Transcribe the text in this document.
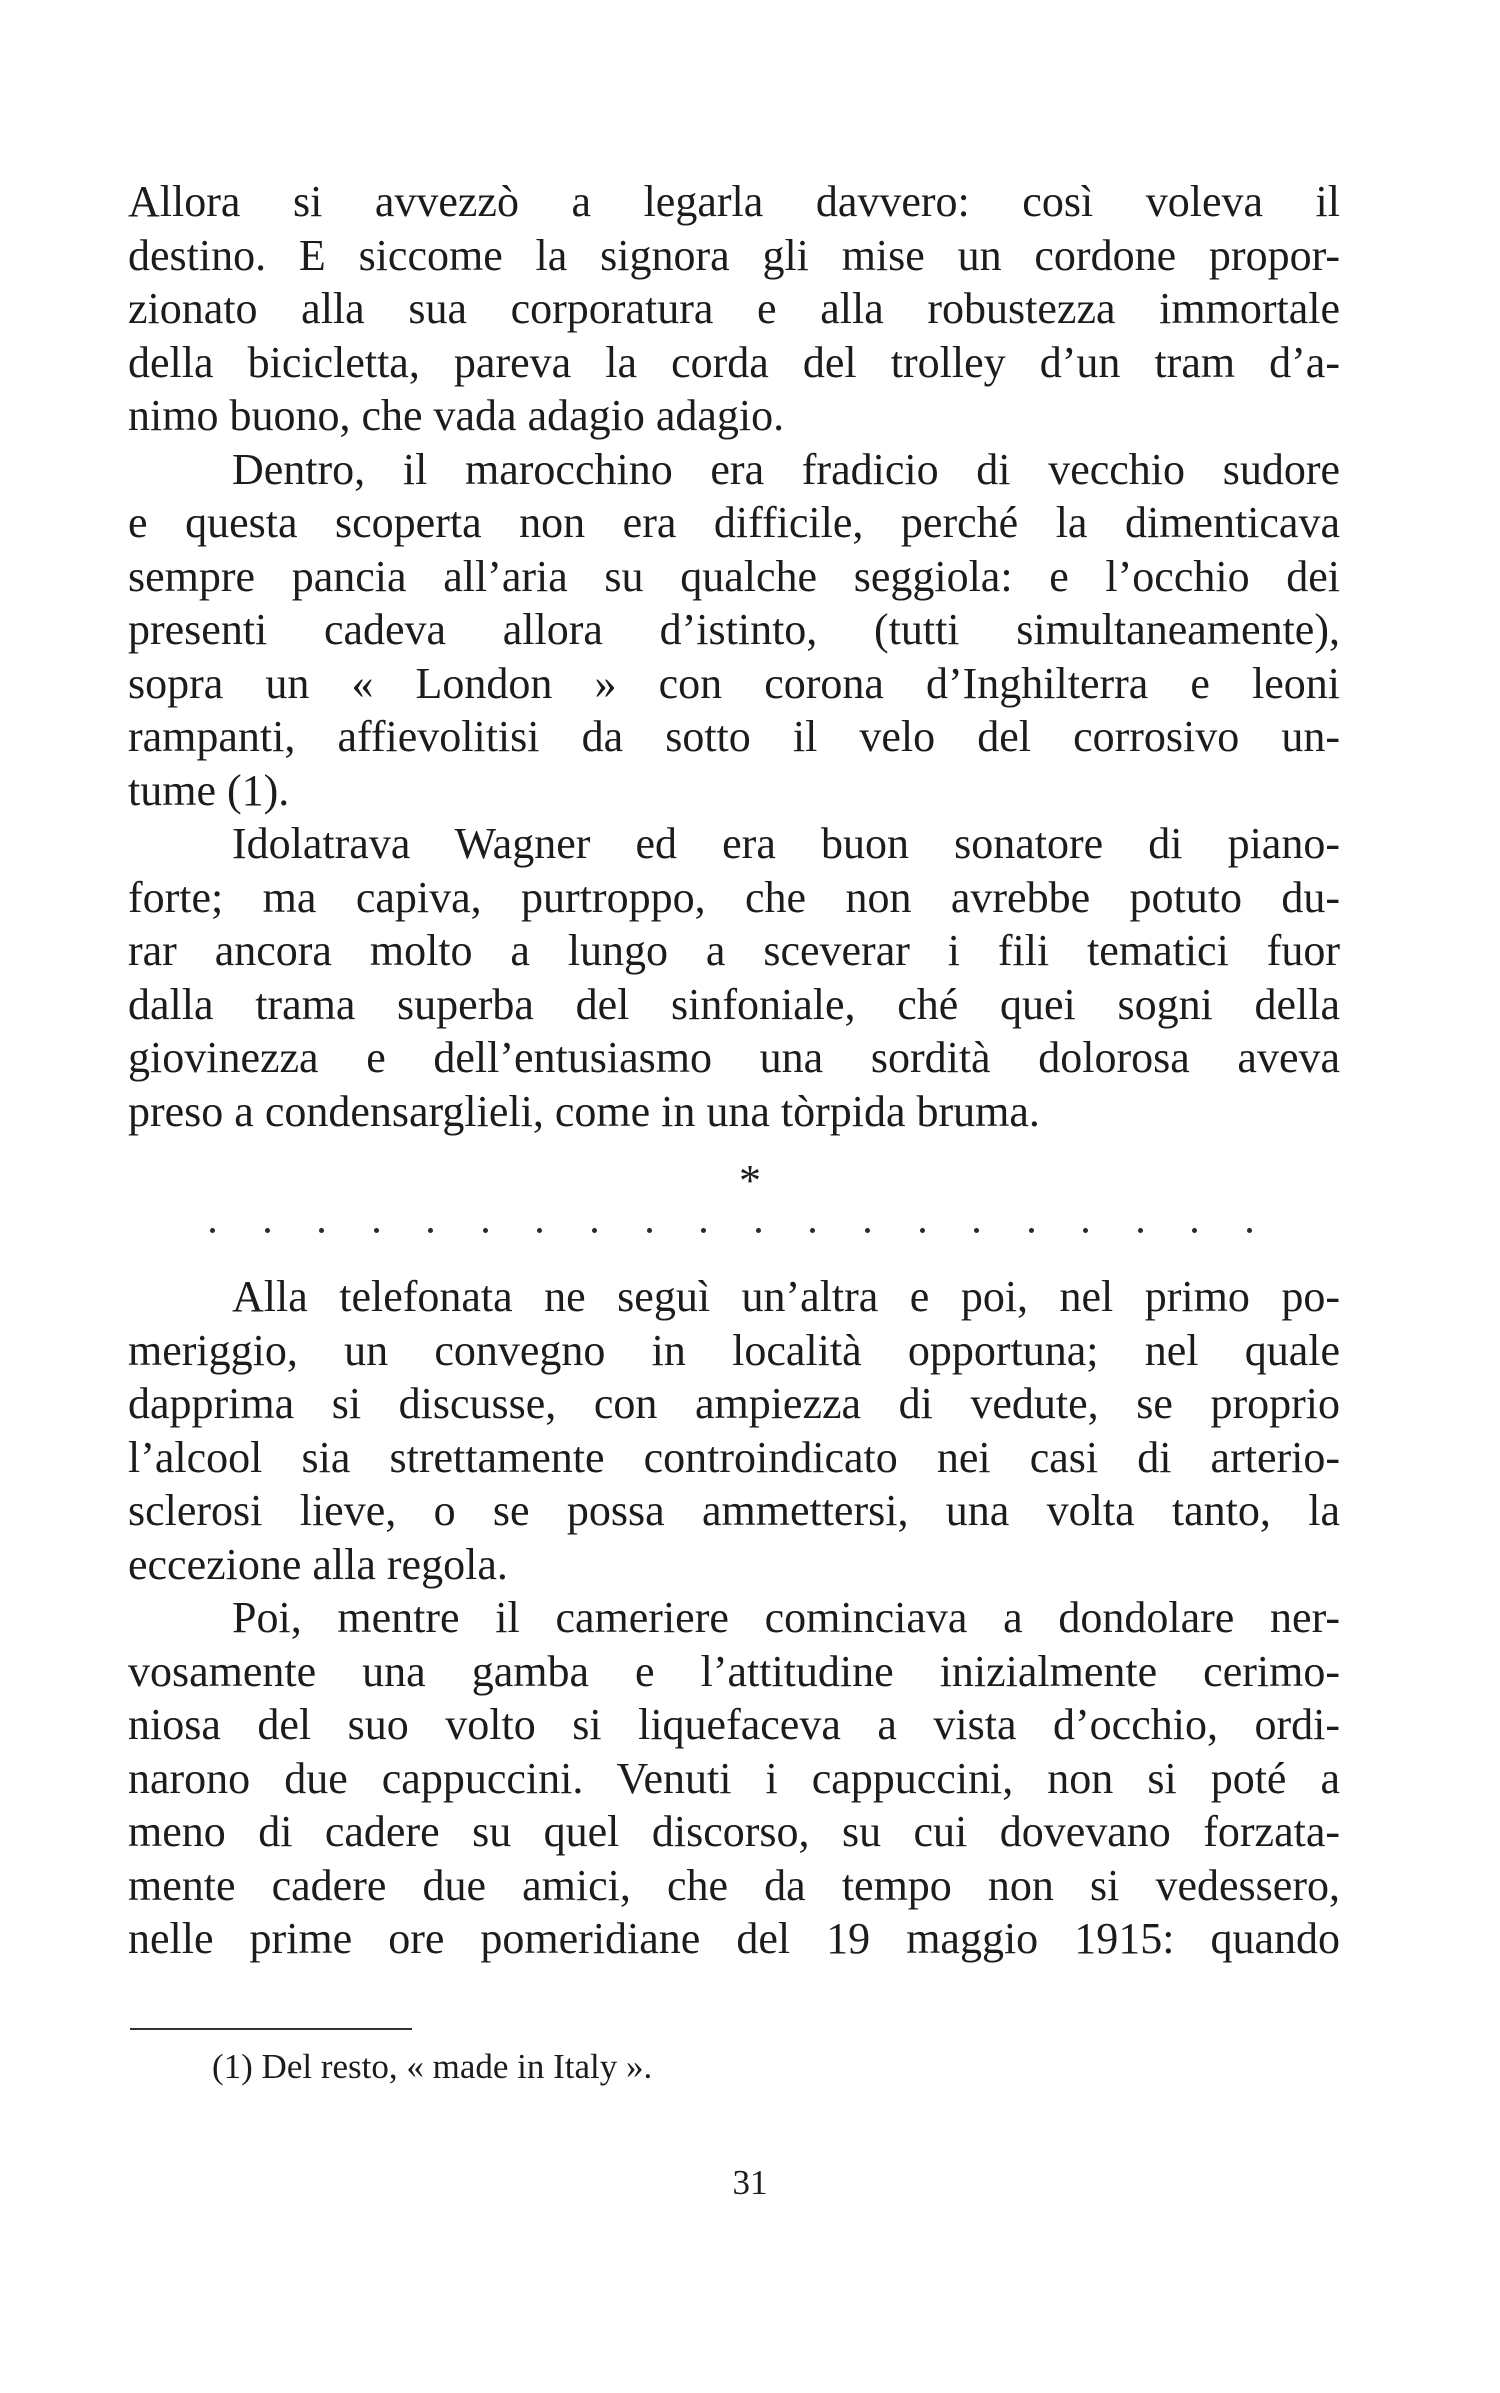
Allora si avvezzò a legarla davvero: così voleva il
destino. E siccome la signora gli mise un cordone propor-
zionato alla sua corporatura e alla robustezza immortale
della bicicletta, pareva la corda del trolley d’un tram d’a-
nimo buono, che vada adagio adagio.
Dentro, il marocchino era fradicio di vecchio sudore
e questa scoperta non era difficile, perché la dimenticava
sempre pancia all’aria su qualche seggiola: e l’occhio dei
presenti cadeva allora d’istinto, (tutti simultaneamente),
sopra un « London » con corona d’Inghilterra e leoni
rampanti, affievolitisi da sotto il velo del corrosivo un-
tume (1).
Idolatrava Wagner ed era buon sonatore di piano-
forte; ma capiva, purtroppo, che non avrebbe potuto du-
rar ancora molto a lungo a sceverar i fili tematici fuor
dalla trama superba del sinfoniale, ché quei sogni della
giovinezza e dell’entusiasmo una sordità dolorosa aveva
preso a condensarglieli, come in una tòrpida bruma.
*
Alla telefonata ne seguì un’altra e poi, nel primo po-
meriggio, un convegno in località opportuna; nel quale
dapprima si discusse, con ampiezza di vedute, se proprio
l’alcool sia strettamente controindicato nei casi di arterio-
sclerosi lieve, o se possa ammettersi, una volta tanto, la
eccezione alla regola.
Poi, mentre il cameriere cominciava a dondolare ner-
vosamente una gamba e l’attitudine inizialmente cerimo-
niosa del suo volto si liquefaceva a vista d’occhio, ordi-
narono due cappuccini. Venuti i cappuccini, non si poté a
meno di cadere su quel discorso, su cui dovevano forzata-
mente cadere due amici, che da tempo non si vedessero,
nelle prime ore pomeridiane del 19 maggio 1915: quando
(1) Del resto, « made in Italy ».
31
